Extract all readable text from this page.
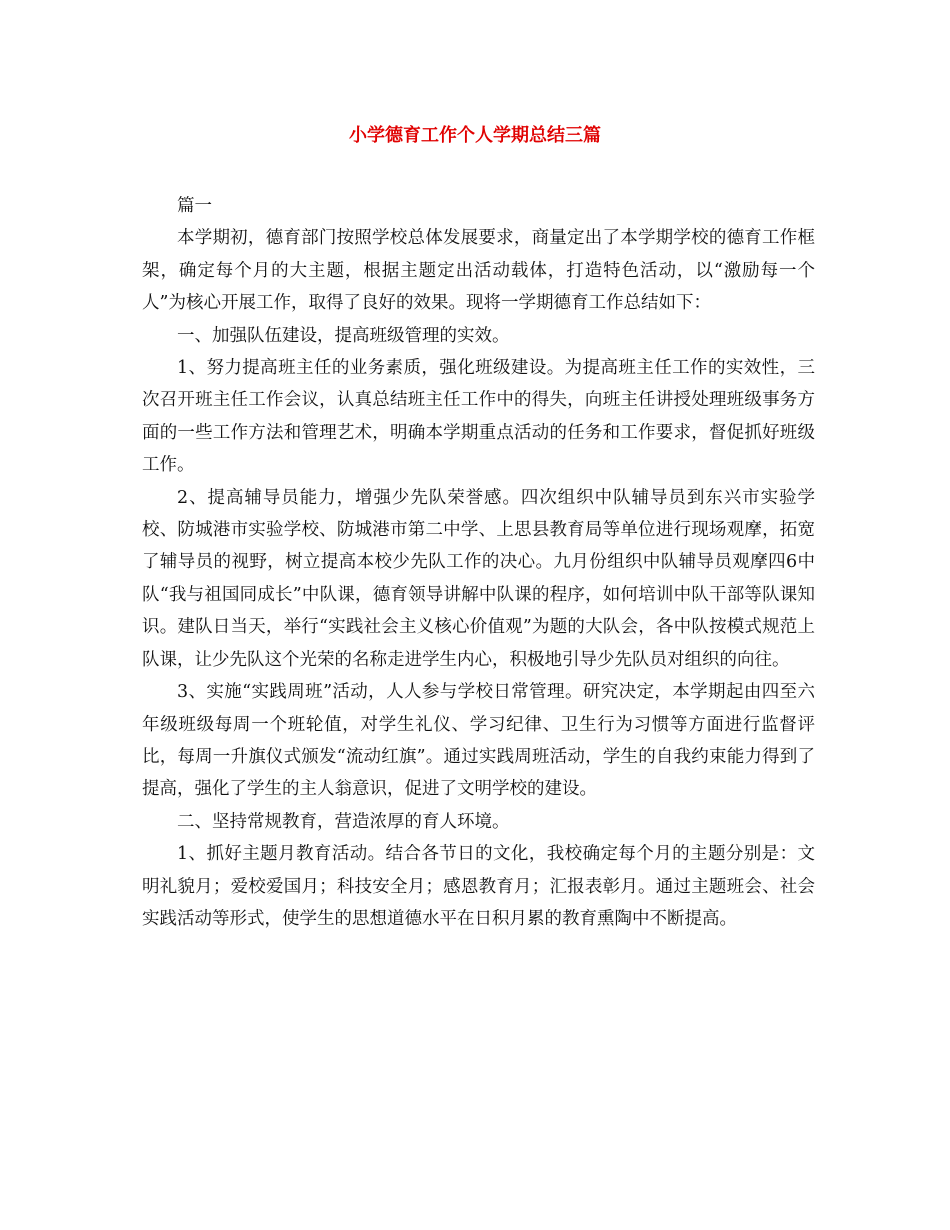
小学德育工作个人学期总结三篇

篇一

本学期初，德育部门按照学校总体发展要求，商量定出了本学期学校的德育工作框架，确定每个月的大主题，根据主题定出活动载体，打造特色活动，以“激励每一个人”为核心开展工作，取得了良好的效果。现将一学期德育工作总结如下：

一、加强队伍建设，提高班级管理的实效。

1、努力提高班主任的业务素质，强化班级建设。为提高班主任工作的实效性，三次召开班主任工作会议，认真总结班主任工作中的得失，向班主任讲授处理班级事务方面的一些工作方法和管理艺术，明确本学期重点活动的任务和工作要求，督促抓好班级工作。

2、提高辅导员能力，增强少先队荣誉感。四次组织中队辅导员到东兴市实验学校、防城港市实验学校、防城港市第二中学、上思县教育局等单位进行现场观摩，拓宽了辅导员的视野，树立提高本校少先队工作的决心。九月份组织中队辅导员观摩四6中队“我与祖国同成长”中队课，德育领导讲解中队课的程序，如何培训中队干部等队课知识。建队日当天，举行“实践社会主义核心价值观”为题的大队会，各中队按模式规范上队课，让少先队这个光荣的名称走进学生内心，积极地引导少先队员对组织的向往。

3、实施“实践周班”活动，人人参与学校日常管理。研究决定，本学期起由四至六年级班级每周一个班轮值，对学生礼仪、学习纪律、卫生行为习惯等方面进行监督评比，每周一升旗仪式颁发“流动红旗”。通过实践周班活动，学生的自我约束能力得到了提高，强化了学生的主人翁意识，促进了文明学校的建设。

二、坚持常规教育，营造浓厚的育人环境。

1、抓好主题月教育活动。结合各节日的文化，我校确定每个月的主题分别是：文明礼貌月；爱校爱国月；科技安全月；感恩教育月；汇报表彰月。通过主题班会、社会实践活动等形式，使学生的思想道德水平在日积月累的教育熏陶中不断提高。
